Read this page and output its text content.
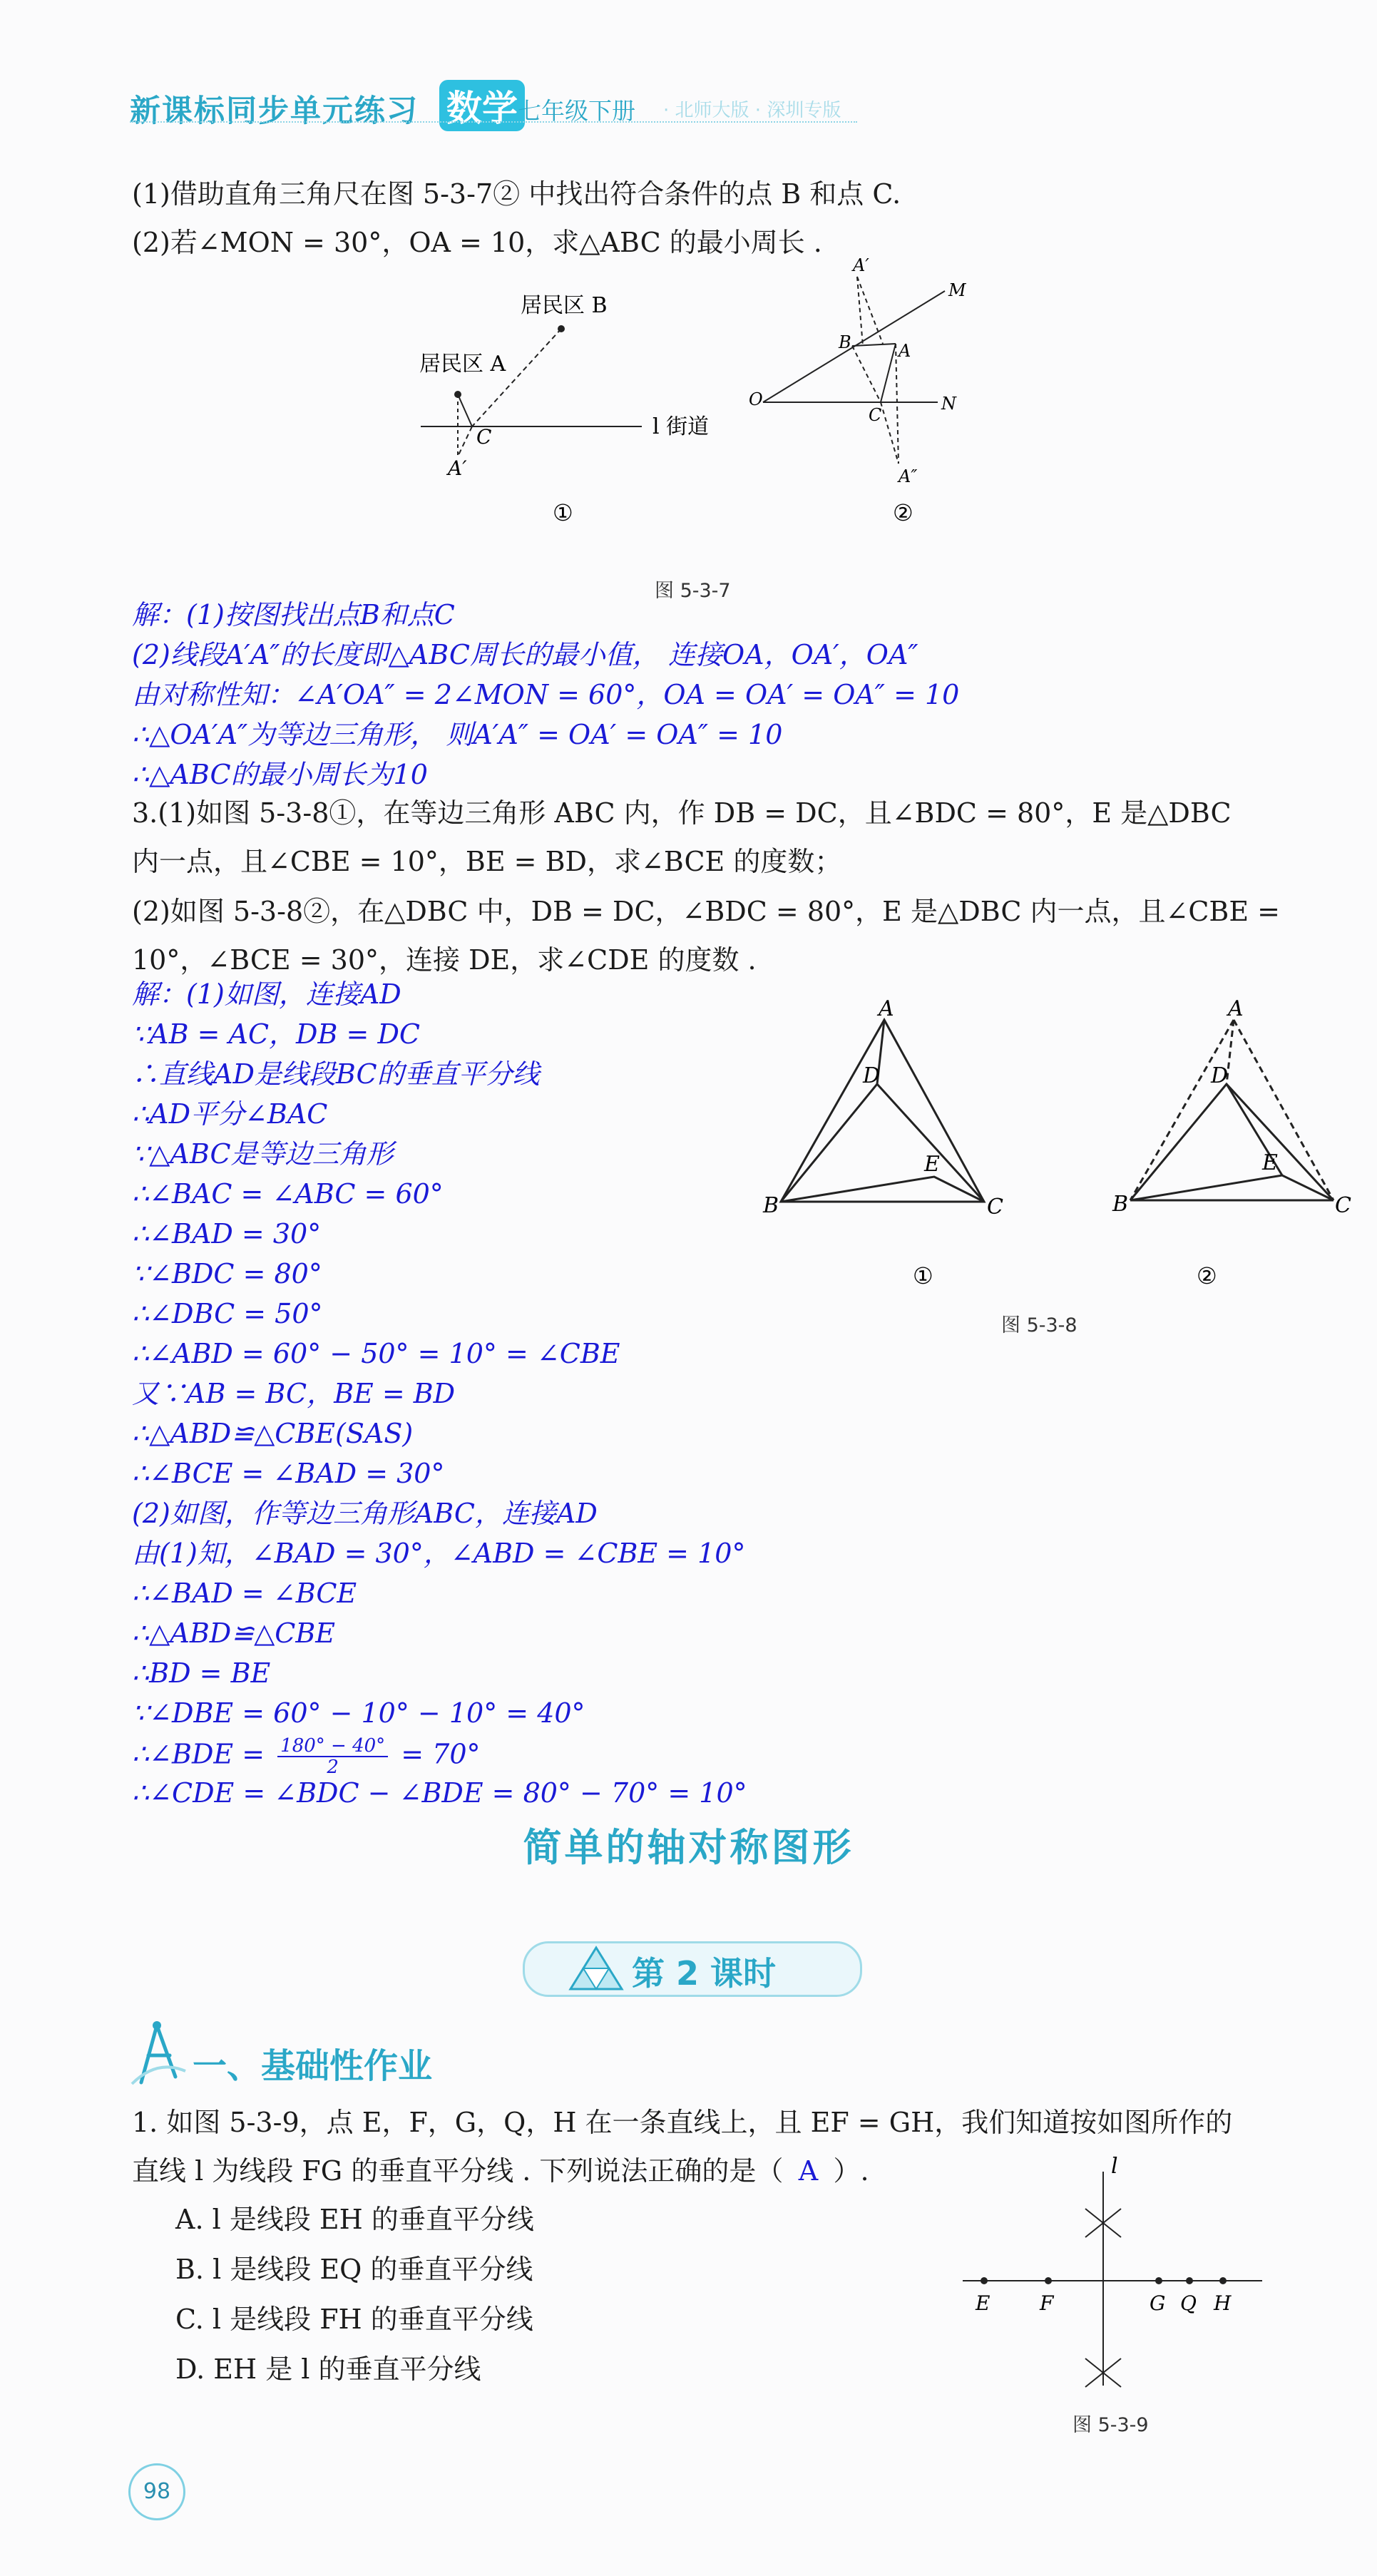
新课标同步单元练习 数学 七年级下册 · 北师大版 · 深圳专版
(1)借助直角三角尺在图 5-3-7② 中找出符合条件的点 B 和点 C.
(2)若∠MON = 30°，OA = 10，求△ABC 的最小周长 .
居民区 B
居民区 A
C
A′
l 街道
①
A′
M
B	A
O
C
N
A″
②
图 5-3-7
解：(1)按图找出点B和点C
(2)线段A′A″的长度即△ABC周长的最小值， 连接OA，OA′，OA″
由对称性知：∠A′OA″ = 2∠MON = 60°，OA = OA′ = OA″ = 10
∴△OA′A″为等边三角形， 则A′A″ = OA′ = OA″ = 10
∴△ABC的最小周长为10
3.(1)如图 5-3-8①，在等边三角形 ABC 内，作 DB = DC，且∠BDC = 80°，E 是△DBC
内一点，且∠CBE = 10°，BE = BD，求∠BCE 的度数；
(2)如图 5-3-8②，在△DBC 中，DB = DC，∠BDC = 80°，E 是△DBC 内一点，且∠CBE =
10°，∠BCE = 30°，连接 DE，求∠CDE 的度数 .
解：(1)如图，连接AD
∵AB = AC，DB = DC
∴直线AD是线段BC的垂直平分线
∴AD平分∠BAC
∵△ABC是等边三角形
∴∠BAC = ∠ABC = 60°
∴∠BAD = 30°
∵∠BDC = 80°
∴∠DBC = 50°
∴∠ABD = 60° − 50° = 10° = ∠CBE
又∵AB = BC，BE = BD
∴△ABD≌△CBE(SAS)
∴∠BCE = ∠BAD = 30°
(2)如图，作等边三角形ABC，连接AD
由(1)知，∠BAD = 30°，∠ABD = ∠CBE = 10°
∴∠BAD = ∠BCE
∴△ABD≌△CBE
∴BD = BE
∵∠DBE = 60° − 10° − 10° = 40°
∴∠BDE = $\frac{180^\circ - 40^\circ}{2} = 70^\circ$
∴∠CDE = ∠BDC − ∠BDE = 80° − 70° = 10°
A
D
E
B	C
①
A
D
E
B	C
②
图 5-3-8
简单的轴对称图形
第 2 课时
一、基础性作业
1. 如图 5-3-9，点 E，F，G，Q，H 在一条直线上，且 EF = GH，我们知道按如图所作的
直线 l 为线段 FG 的垂直平分线 . 下列说法正确的是（ A ）.
A. l 是线段 EH 的垂直平分线
B. l 是线段 EQ 的垂直平分线
C. l 是线段 FH 的垂直平分线
D. EH 是 l 的垂直平分线
l
E F	G Q H
图 5-3-9
98
